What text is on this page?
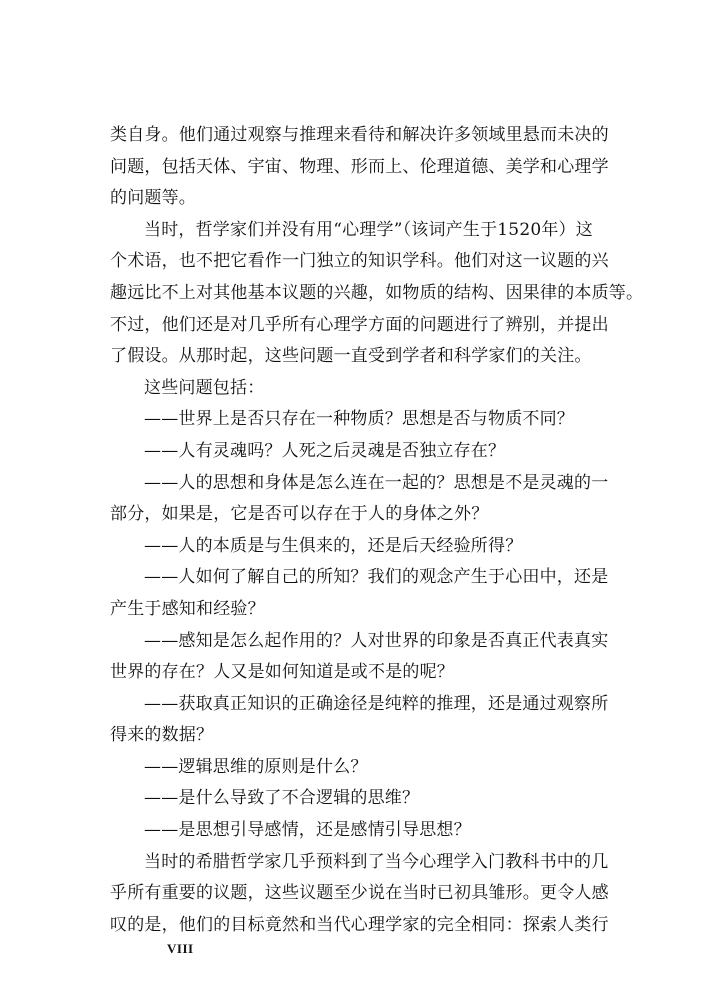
类自身。他们通过观察与推理来看待和解决许多领域里悬而未决的

问题，包括天体、宇宙、物理、形而上、伦理道德、美学和心理学

的问题等。

当时，哲学家们并没有用“心理学”（该词产生于1520年）这

个术语，也不把它看作一门独立的知识学科。他们对这一议题的兴

趣远比不上对其他基本议题的兴趣，如物质的结构、因果律的本质等。

不过，他们还是对几乎所有心理学方面的问题进行了辨别，并提出

了假设。从那时起，这些问题一直受到学者和科学家们的关注。

这些问题包括：

——世界上是否只存在一种物质？思想是否与物质不同？

——人有灵魂吗？人死之后灵魂是否独立存在？

——人的思想和身体是怎么连在一起的？思想是不是灵魂的一

部分，如果是，它是否可以存在于人的身体之外？

——人的本质是与生俱来的，还是后天经验所得？

——人如何了解自己的所知？我们的观念产生于心田中，还是

产生于感知和经验？

——感知是怎么起作用的？人对世界的印象是否真正代表真实

世界的存在？人又是如何知道是或不是的呢？

——获取真正知识的正确途径是纯粹的推理，还是通过观察所

得来的数据？

——逻辑思维的原则是什么？

——是什么导致了不合逻辑的思维？

——是思想引导感情，还是感情引导思想？

当时的希腊哲学家几乎预料到了当今心理学入门教科书中的几

乎所有重要的议题，这些议题至少说在当时已初具雏形。更令人感

叹的是，他们的目标竟然和当代心理学家的完全相同：探索人类行

VIII
